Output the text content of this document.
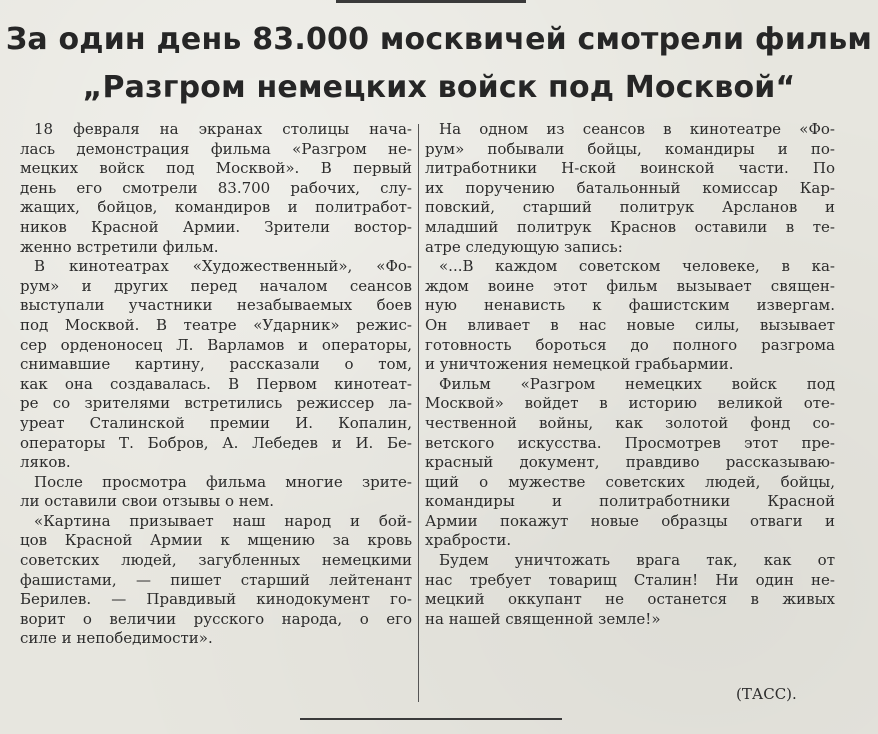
За один день 83.000 москвичей смотрели фильм
„Разгром немецких войск под Москвой“
18 февраля на экранах столицы нача-
лась демонстрация фильма «Разгром не-
мецких войск под Москвой». В первый
день его смотрели 83.700 рабочих, слу-
жащих, бойцов, командиров и политработ-
ников Красной Армии. Зрители востор-
женно встретили фильм.
В кинотеатрах «Художественный», «Фо-
рум» и других перед началом сеансов
выступали участники незабываемых боев
под Москвой. В театре «Ударник» режис-
сер орденоносец Л. Варламов и операторы,
снимавшие картину, рассказали о том,
как она создавалась. В Первом кинотеат-
ре со зрителями встретились режиссер ла-
уреат Сталинской премии И. Копалин,
операторы Т. Бобров, А. Лебедев и И. Бе-
ляков.
После просмотра фильма многие зрите-
ли оставили свои отзывы о нем.
«Картина призывает наш народ и бой-
цов Красной Армии к мщению за кровь
советских людей, загубленных немецкими
фашистами, — пишет старший лейтенант
Берилев. — Правдивый кинодокумент го-
ворит о величии русского народа, о его
силе и непобедимости».
На одном из сеансов в кинотеатре «Фо-
рум» побывали бойцы, командиры и по-
литработники Н-ской воинской части. По
их поручению батальонный комиссар Кар-
повский, старший политрук Арсланов и
младший политрук Краснов оставили в те-
атре следующую запись:
«...В каждом советском человеке, в ка-
ждом воине этот фильм вызывает священ-
ную ненависть к фашистским извергам.
Он вливает в нас новые силы, вызывает
готовность бороться до полного разгрома
и уничтожения немецкой грабьармии.
Фильм «Разгром немецких войск под
Москвой» войдет в историю великой оте-
чественной войны, как золотой фонд со-
ветского искусства. Просмотрев этот пре-
красный документ, правдиво рассказываю-
щий о мужестве советских людей, бойцы,
командиры и политработники Красной
Армии покажут новые образцы отваги и
храбрости.
Будем уничтожать врага так, как от
нас требует товарищ Сталин! Ни один не-
мецкий оккупант не останется в живых
на нашей священной земле!»
(ТАСС).
